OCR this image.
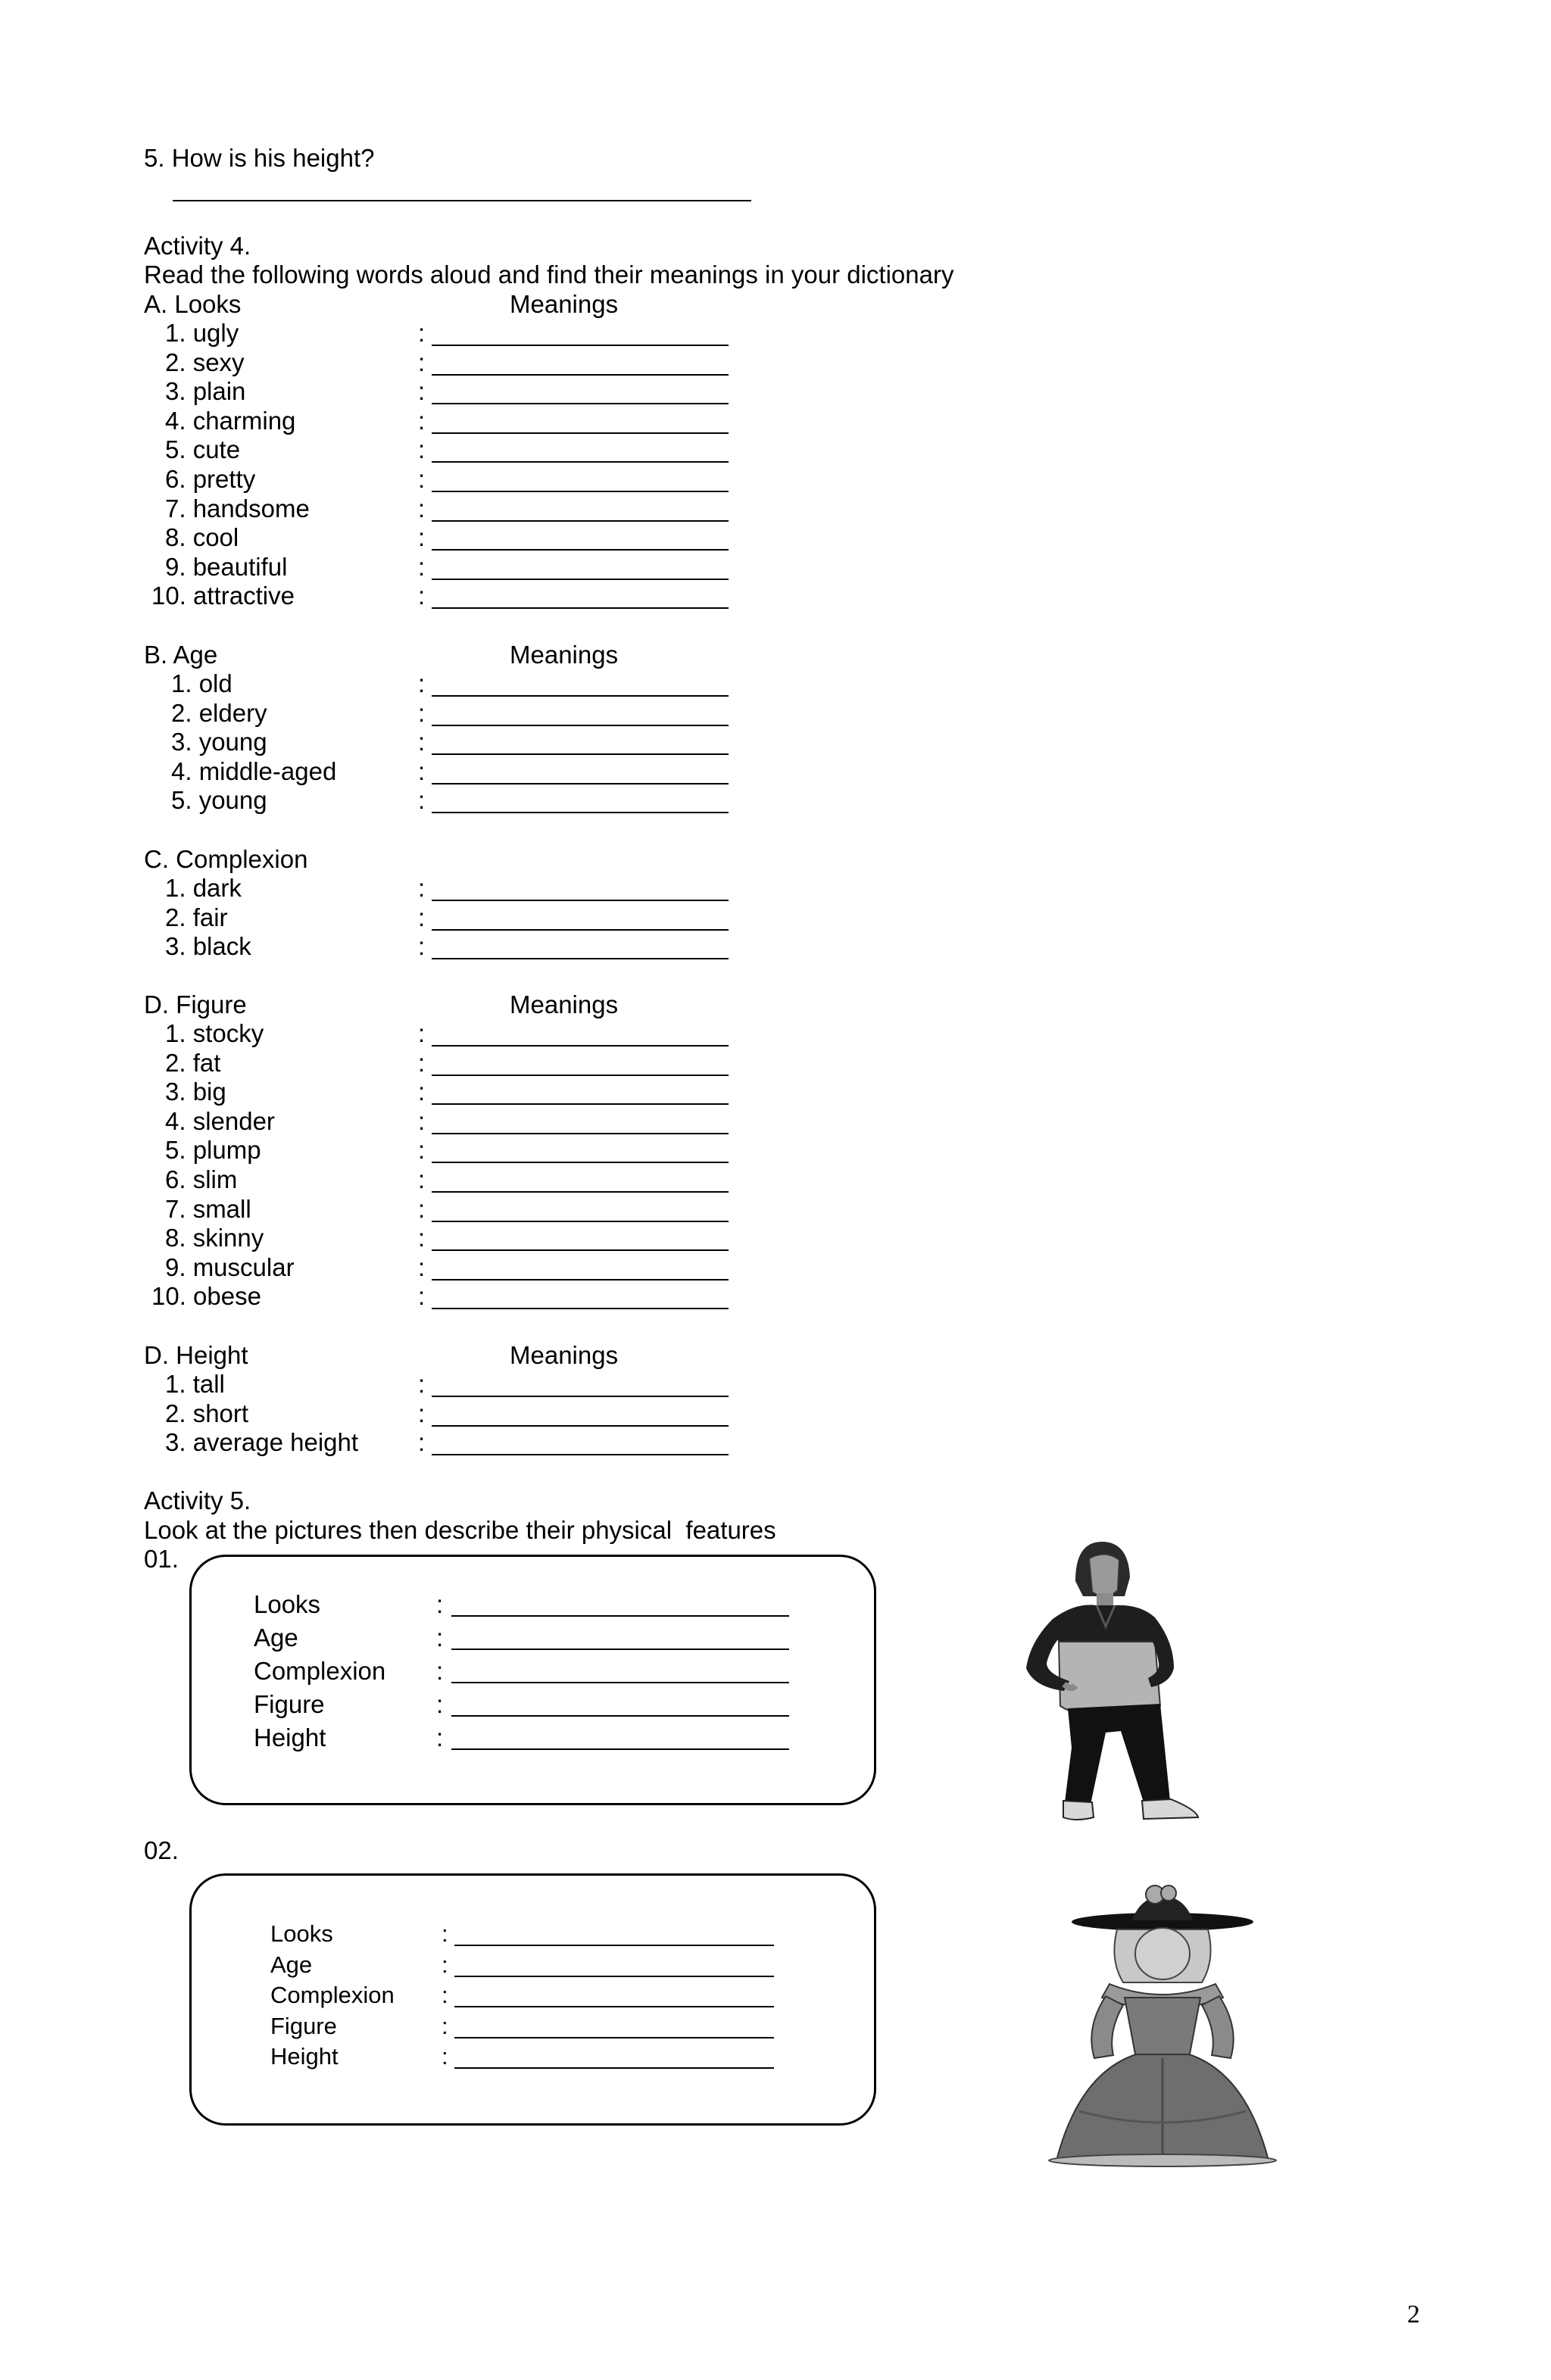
5. How is his height?
Activity 4.
Read the following words aloud and find their meanings in your dictionary
A. Looks	Meanings
1. ugly	:
2. sexy	:
3. plain	:
4. charming	:
5. cute	:
6. pretty	:
7. handsome	:
8. cool	:
9. beautiful	:
10. attractive	:
B. Age	Meanings
1. old	:
2. eldery	:
3. young	:
4. middle-aged	:
5. young	:
C. Complexion
1. dark	:
2. fair	:
3. black	:
D. Figure	Meanings
1. stocky	:
2. fat	:
3. big	:
4. slender	:
5. plump	:
6. slim	:
7. small	:
8. skinny	:
9. muscular	:
10. obese	:
D. Height	Meanings
1. tall	:
2. short	:
3. average height :
Activity 5.
Look at the pictures then describe their physical  features
01.
Looks	:
Age	:
Complexion :
Figure	:
Height	:
02.
Looks	:
Age	:
Complexion :
Figure	:
Height	:
2
